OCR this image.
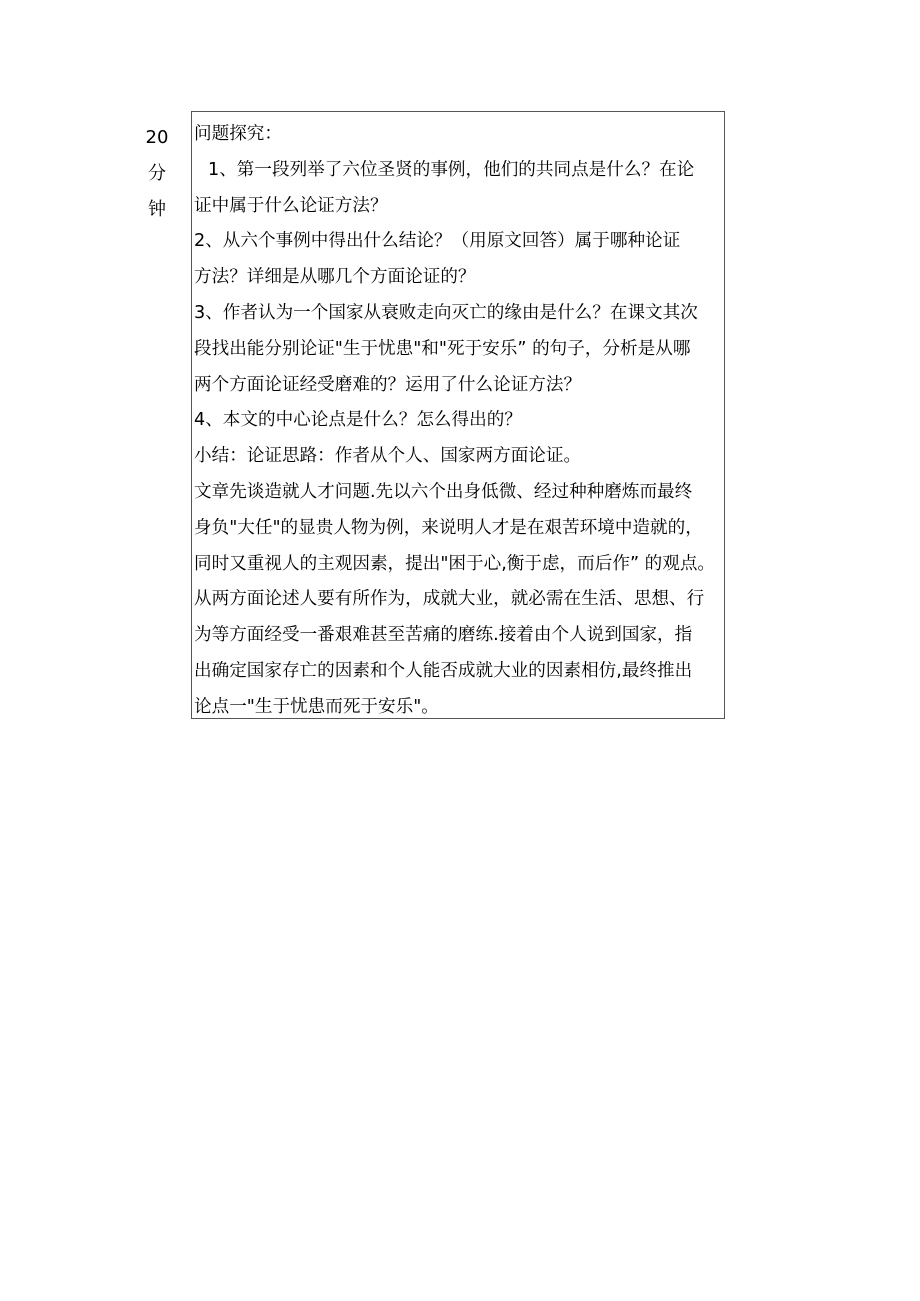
20
分
钟
问题探究：
1、第一段列举了六位圣贤的事例，他们的共同点是什么？在论
证中属于什么论证方法？
2、从六个事例中得出什么结论？（用原文回答）属于哪种论证
方法？详细是从哪几个方面论证的？
3、作者认为一个国家从衰败走向灭亡的缘由是什么？在课文其次
段找出能分别论证"生于忧患"和"死于安乐” 的句子，分析是从哪
两个方面论证经受磨难的？运用了什么论证方法？
4、本文的中心论点是什么？怎么得出的？
小结：论证思路：作者从个人、国家两方面论证。
文章先谈造就人才问题.先以六个出身低微、经过种种磨炼而最终
身负"大任"的显贵人物为例，来说明人才是在艰苦环境中造就的，
同时又重视人的主观因素，提出"困于心,衡于虑，而后作” 的观点。
从两方面论述人要有所作为，成就大业，就必需在生活、思想、行
为等方面经受一番艰难甚至苦痛的磨练.接着由个人说到国家，指
出确定国家存亡的因素和个人能否成就大业的因素相仿,最终推出
论点一"生于忧患而死于安乐"。
